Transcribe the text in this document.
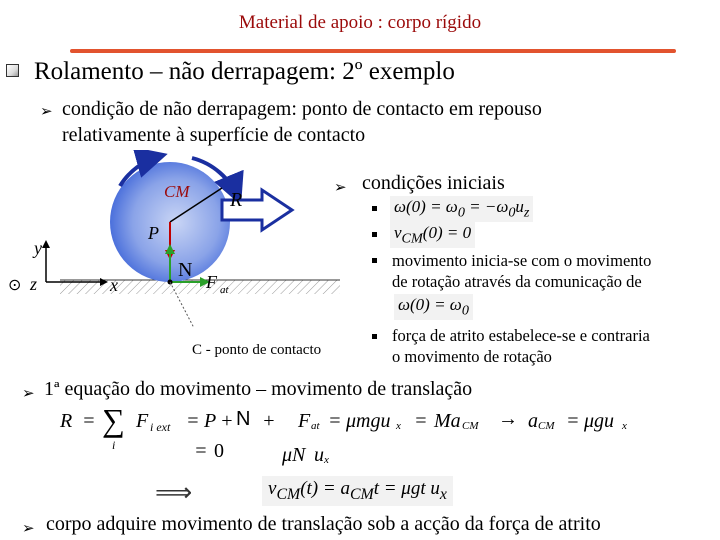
Material de apoio : corpo rígido
Rolamento – não derrapagem: 2º exemplo
➢ condição de não derrapagem: ponto de contacto em repouso
relativamente à superfície de contacto
CM R
P
N
F at
y
x
⊙ z
C - ponto de contacto
➢ condições iniciais
$\omega(0) = \omega_0 = -\omega_0u_z$
$v_{CM}(0) = 0$
movimento inicia-se com o movimento
de rotação através da comunicação de
$\omega(0) = \omega_0$
força de atrito estabelece-se e contraria
o movimento de rotação
➢ 1ª equação do movimento – movimento de translação
R = ∑
i
F i ext = P + N + F at = μmgu x = Ma CM → a CM = μgu x
= 0	μN u x
⟹	$v_{CM}(t) = a_{CM}t = \mu gt$ $u_x$
➢ corpo adquire movimento de translação sob a acção da força de atrito
